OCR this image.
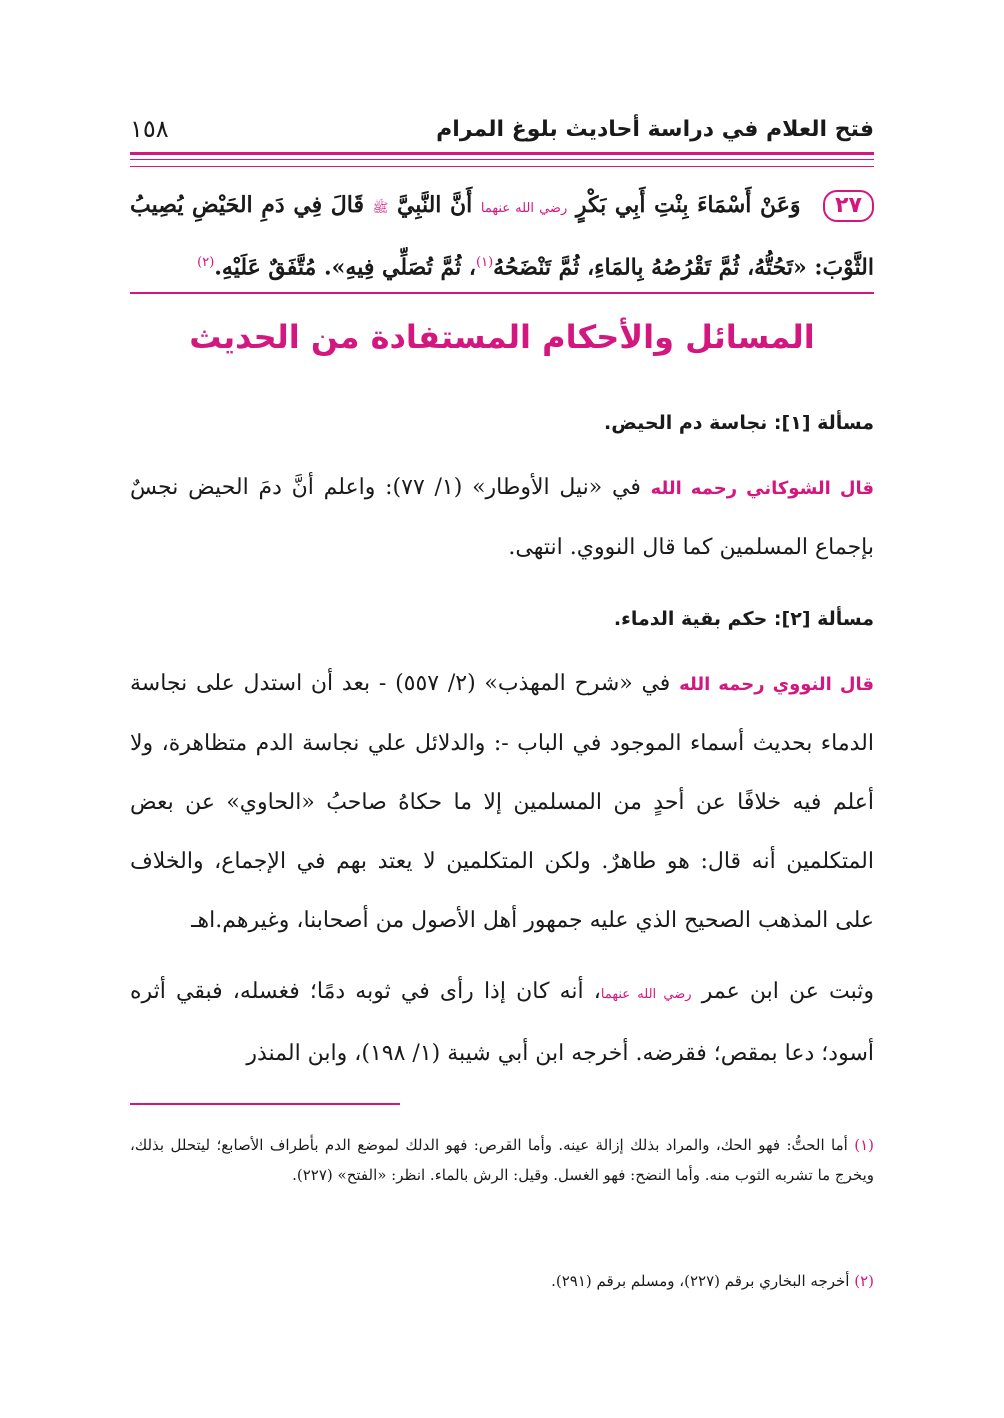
فتح العلام في دراسة أحاديث بلوغ المرام
١٥٨
٢٧ وَعَنْ أَسْمَاءَ بِنْتِ أَبِي بَكْرٍ رضي الله عنهما أَنَّ النَّبِيَّ ﷺ قَالَ فِي دَمِ الحَيْضِ يُصِيبُ الثَّوْبَ: «تَحُتُّهُ، ثُمَّ تَقْرُصُهُ بِالمَاءِ، ثُمَّ تَنْضَحُهُ$^{(١)}$، ثُمَّ تُصَلِّي فِيهِ». مُتَّفَقٌ عَلَيْهِ.$^{(٢)}$
المسائل والأحكام المستفادة من الحديث
مسألة [١]: نجاسة دم الحيض.
قال الشوكاني رحمه الله في «نيل الأوطار» (١/ ٧٧): واعلم أنَّ دمَ الحيض نجسٌ بإجماع المسلمين كما قال النووي. انتهى.
مسألة [٢]: حكم بقية الدماء.
قال النووي رحمه الله في «شرح المهذب» (٢/ ٥٥٧) - بعد أن استدل على نجاسة الدماء بحديث أسماء الموجود في الباب -: والدلائل علي نجاسة الدم متظاهرة، ولا أعلم فيه خلافًا عن أحدٍ من المسلمين إلا ما حكاهُ صاحبُ «الحاوي» عن بعض المتكلمين أنه قال: هو طاهرٌ. ولكن المتكلمين لا يعتد بهم في الإجماع، والخلاف على المذهب الصحيح الذي عليه جمهور أهل الأصول من أصحابنا، وغيرهم.اهـ
وثبت عن ابن عمر رضي الله عنهما، أنه كان إذا رأى في ثوبه دمًا؛ فغسله، فبقي أثره أسود؛ دعا بمقص؛ فقرضه. أخرجه ابن أبي شيبة (١/ ١٩٨)، وابن المنذر
(١) أما الحتُّ: فهو الحك، والمراد بذلك إزالة عينه. وأما القرص: فهو الدلك لموضع الدم بأطراف الأصابع؛ ليتحلل بذلك، ويخرج ما تشربه الثوب منه. وأما النضح: فهو الغسل. وقيل: الرش بالماء. انظر: «الفتح» (٢٢٧).
(٢) أخرجه البخاري برقم (٢٢٧)، ومسلم برقم (٢٩١).
